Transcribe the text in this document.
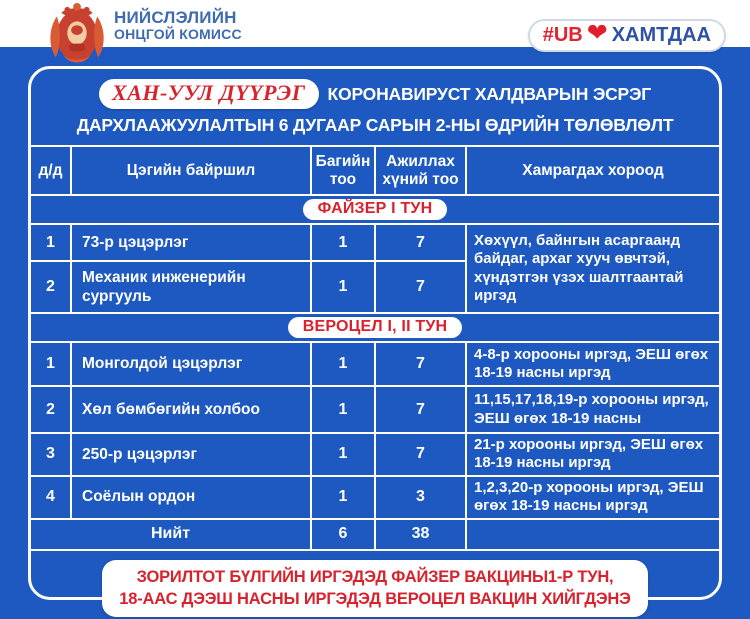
НИЙСЛЭЛИЙН
ОНЦГОЙ КОМИСС	#UB ❤ ХАМТДАА
ХАН-УУЛ ДҮҮРЭГ	КОРОНАВИРУСТ ХАЛДВАРЫН ЭСРЭГ
ДАРХЛААЖУУЛАЛТЫН 6 ДУГААР САРЫН 2-НЫ ӨДРИЙН ТӨЛӨВЛӨЛТ
д/д	Цэгийн байршил	Багийн тоо	Ажиллах хүний тоо	Хамрагдах хороод
ФАЙЗЕР I ТУН				
1	73-р цэцэрлэг	1	7	Хөхүүл, байнгын асаргаанд байдаг, архаг хууч өвчтэй, хүндэтгэн үзэх шалтгаантай иргэд
2	Механик инженерийн сургууль	1	7	
ВЕРОЦЕЛ I, II ТУН				
1	Монголдой цэцэрлэг	1	7	4-8-р хорооны иргэд, ЭЕШ өгөх 18-19 насны иргэд
2	Хөл бөмбөгийн холбоо	1	7	11,15,17,18,19-р хорооны иргэд, ЭЕШ өгөх 18-19 насны
3	250-р цэцэрлэг	1	7	21-р хорооны иргэд, ЭЕШ өгөх 18-19 насны иргэд
4	Соёлын ордон	1	3	1,2,3,20-р хорооны иргэд, ЭЕШ өгөх 18-19 насны иргэд
Нийт		6	38	
ЗОРИЛТОТ БҮЛГИЙН ИРГЭДЭД ФАЙЗЕР ВАКЦИНЫ1-Р ТУН,
18-ААС ДЭЭШ НАСНЫ ИРГЭДЭД ВЕРОЦЕЛ ВАКЦИН ХИЙГДЭНЭ
